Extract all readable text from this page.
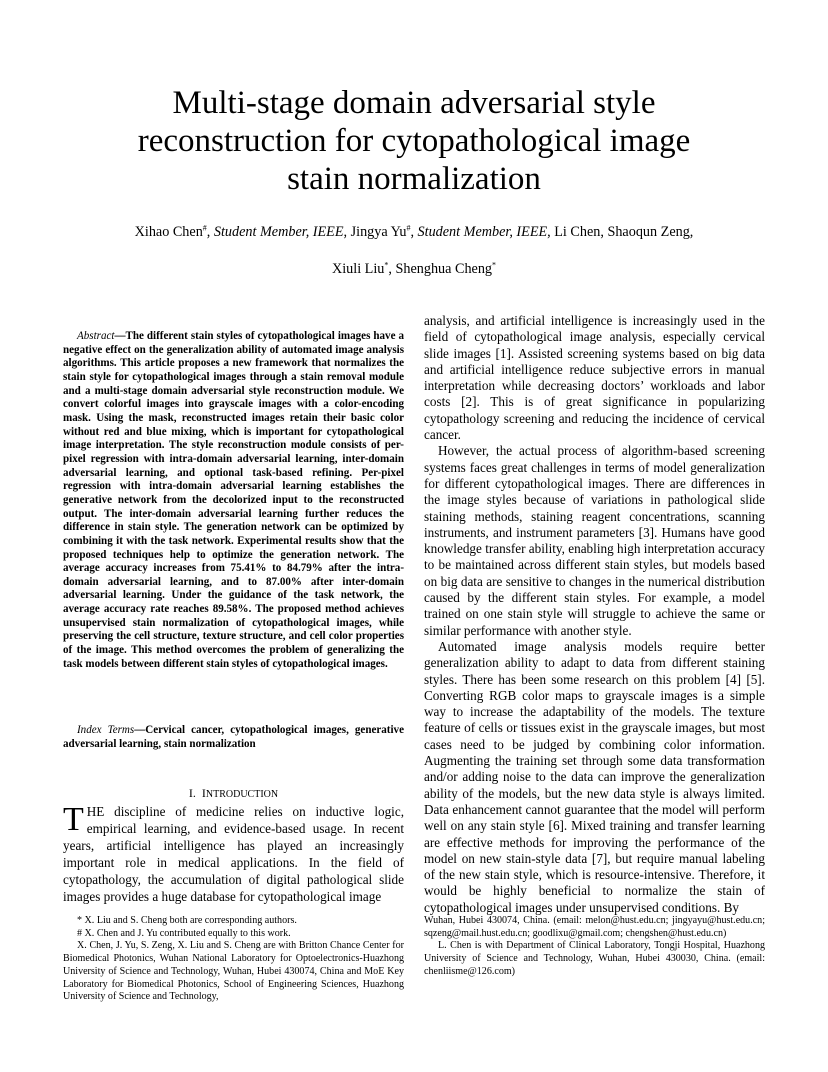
Multi-stage domain adversarial style
reconstruction for cytopathological image
stain normalization
Xihao Chen#, Student Member, IEEE, Jingya Yu#, Student Member, IEEE, Li Chen, Shaoqun Zeng,
Xiuli Liu*, Shenghua Cheng*
Abstract—The different stain styles of cytopathological images have a negative effect on the generalization ability of automated image analysis algorithms. This article proposes a new framework that normalizes the stain style for cytopathological images through a stain removal module and a multi-stage domain adversarial style reconstruction module. We convert colorful images into grayscale images with a color-encoding mask. Using the mask, reconstructed images retain their basic color without red and blue mixing, which is important for cytopathological image interpretation. The style reconstruction module consists of per-pixel regression with intra-domain adversarial learning, inter-domain adversarial learning, and optional task-based refining. Per-pixel regression with intra-domain adversarial learning establishes the generative network from the decolorized input to the reconstructed output. The inter-domain adversarial learning further reduces the difference in stain style. The generation network can be optimized by combining it with the task network. Experimental results show that the proposed techniques help to optimize the generation network. The average accuracy increases from 75.41% to 84.79% after the intra-domain adversarial learning, and to 87.00% after inter-domain adversarial learning. Under the guidance of the task network, the average accuracy rate reaches 89.58%. The proposed method achieves unsupervised stain normalization of cytopathological images, while preserving the cell structure, texture structure, and cell color properties of the image. This method overcomes the problem of generalizing the task models between different stain styles of cytopathological images.
Index Terms—Cervical cancer, cytopathological images, generative adversarial learning, stain normalization
I. INTRODUCTION
THE discipline of medicine relies on inductive logic, empirical learning, and evidence-based usage. In recent years, artificial intelligence has played an increasingly important role in medical applications. In the field of cytopathology, the accumulation of digital pathological slide images provides a huge database for cytopathological image

analysis, and artificial intelligence is increasingly used in the field of cytopathological image analysis, especially cervical slide images [1]. Assisted screening systems based on big data and artificial intelligence reduce subjective errors in manual interpretation while decreasing doctors’ workloads and labor costs [2]. This is of great significance in popularizing cytopathology screening and reducing the incidence of cervical cancer.

However, the actual process of algorithm-based screening systems faces great challenges in terms of model generalization for different cytopathological images. There are differences in the image styles because of variations in pathological slide staining methods, staining reagent concentrations, scanning instruments, and instrument parameters [3]. Humans have good knowledge transfer ability, enabling high interpretation accuracy to be maintained across different stain styles, but models based on big data are sensitive to changes in the numerical distribution caused by the different stain styles. For example, a model trained on one stain style will struggle to achieve the same or similar performance with another style.

Automated image analysis models require better generalization ability to adapt to data from different staining styles. There has been some research on this problem [4] [5]. Converting RGB color maps to grayscale images is a simple way to increase the adaptability of the models. The texture feature of cells or tissues exist in the grayscale images, but most cases need to be judged by combining color information. Augmenting the training set through some data transformation and/or adding noise to the data can improve the generalization ability of the models, but the new data style is always limited. Data enhancement cannot guarantee that the model will perform well on any stain style [6]. Mixed training and transfer learning are effective methods for improving the performance of the model on new stain-style data [7], but require manual labeling of the new stain style, which is resource-intensive. Therefore, it would be highly beneficial to normalize the stain of cytopathological images under unsupervised conditions. By

* X. Liu and S. Cheng both are corresponding authors.

# X. Chen and J. Yu contributed equally to this work.

X. Chen, J. Yu, S. Zeng, X. Liu and S. Cheng are with Britton Chance Center for Biomedical Photonics, Wuhan National Laboratory for Optoelectronics-Huazhong University of Science and Technology, Wuhan, Hubei 430074, China and MoE Key Laboratory for Biomedical Photonics, School of Engineering Sciences, Huazhong University of Science and Technology,

Wuhan, Hubei 430074, China. (email: melon@hust.edu.cn; jingyayu@hust.edu.cn; sqzeng@mail.hust.edu.cn; goodlixu@gmail.com; chengshen@hust.edu.cn)

L. Chen is with Department of Clinical Laboratory, Tongji Hospital, Huazhong University of Science and Technology, Wuhan, Hubei 430030, China. (email: chenliisme@126.com)
